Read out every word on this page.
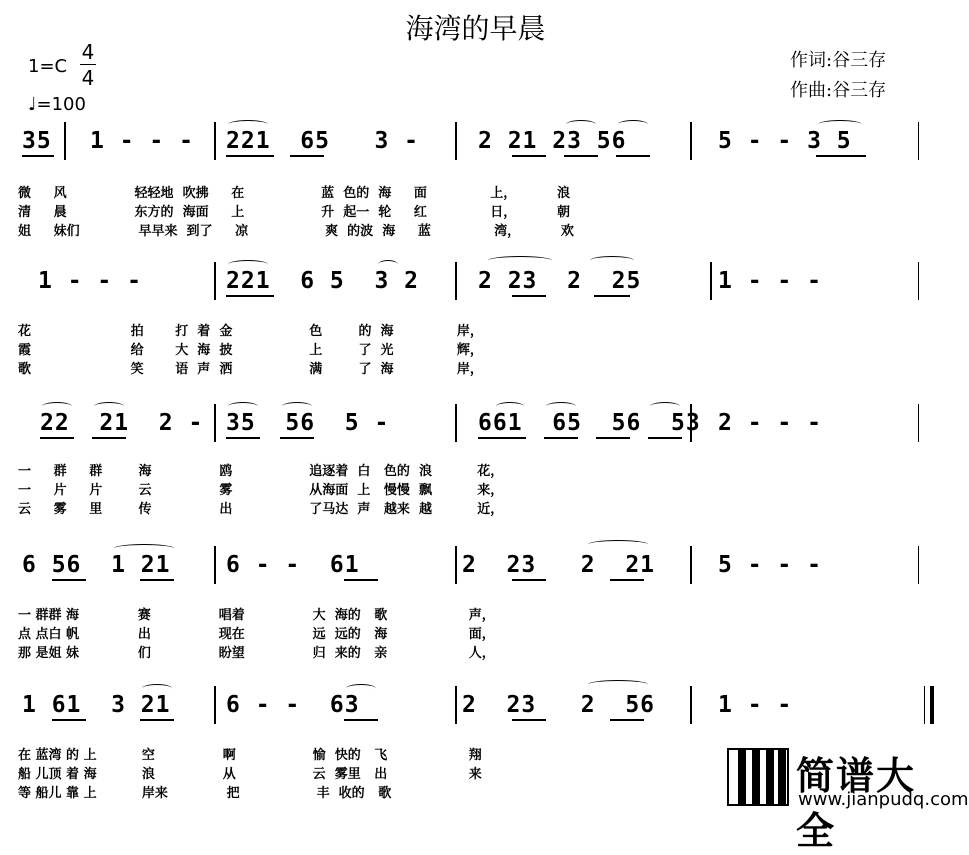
海湾的早晨
1=C
4
4
♩=100
作词:谷三存
作曲:谷三存
35 1 - - - 221  65   3 -	2 21 23 56	5 - - 3 5
微     风               轻轻地  吹拂     在                 蓝  色的  海     面              上，         浪
清     晨               东方的  海面     上                 升  起一  轮     红              日，         朝
姐     妹们             早早来  到了     凉                 爽  的波  海     蓝              湾，         欢
1 - - -	221  6 5  3 2	2 23  2  25	1 - - -
花                      拍       打  着  金                 色        的  海              岸，
霞                      给       大  海  披                 上        了  光              辉，
歌                      笑       语  声  洒                 满        了  海              岸，
22  21  2 - 35  56  5 -	661  65  56  53 2 - - -
一     群     群        海               鸥                 追逐着  白   色的  浪          花，
一     片     片        云               雾                 从海面  上   慢慢  飘          来，
云     雾     里        传               出                 了马达  声   越来  越          近，
6 56  1 21 6 - -  61	2  23   2  21	5 - - -
一 群群 海             赛               唱着               大  海的   歌                  声，
点 点白 帆             出               现在               远  远的   海                  面，
那 是姐 妹             们               盼望               归  来的   亲                  人，
1 61  3 21 6 - -  63	2  23   2  56	1 - -
在 蓝湾 的 上          空               啊                 愉  快的   飞                  翔
船 儿顶 着 海          浪               从                 云  雾里   出                  来
等 船儿 靠 上          岸来             把                 丰  收的   歌	简谱大全
www.jianpudq.com
